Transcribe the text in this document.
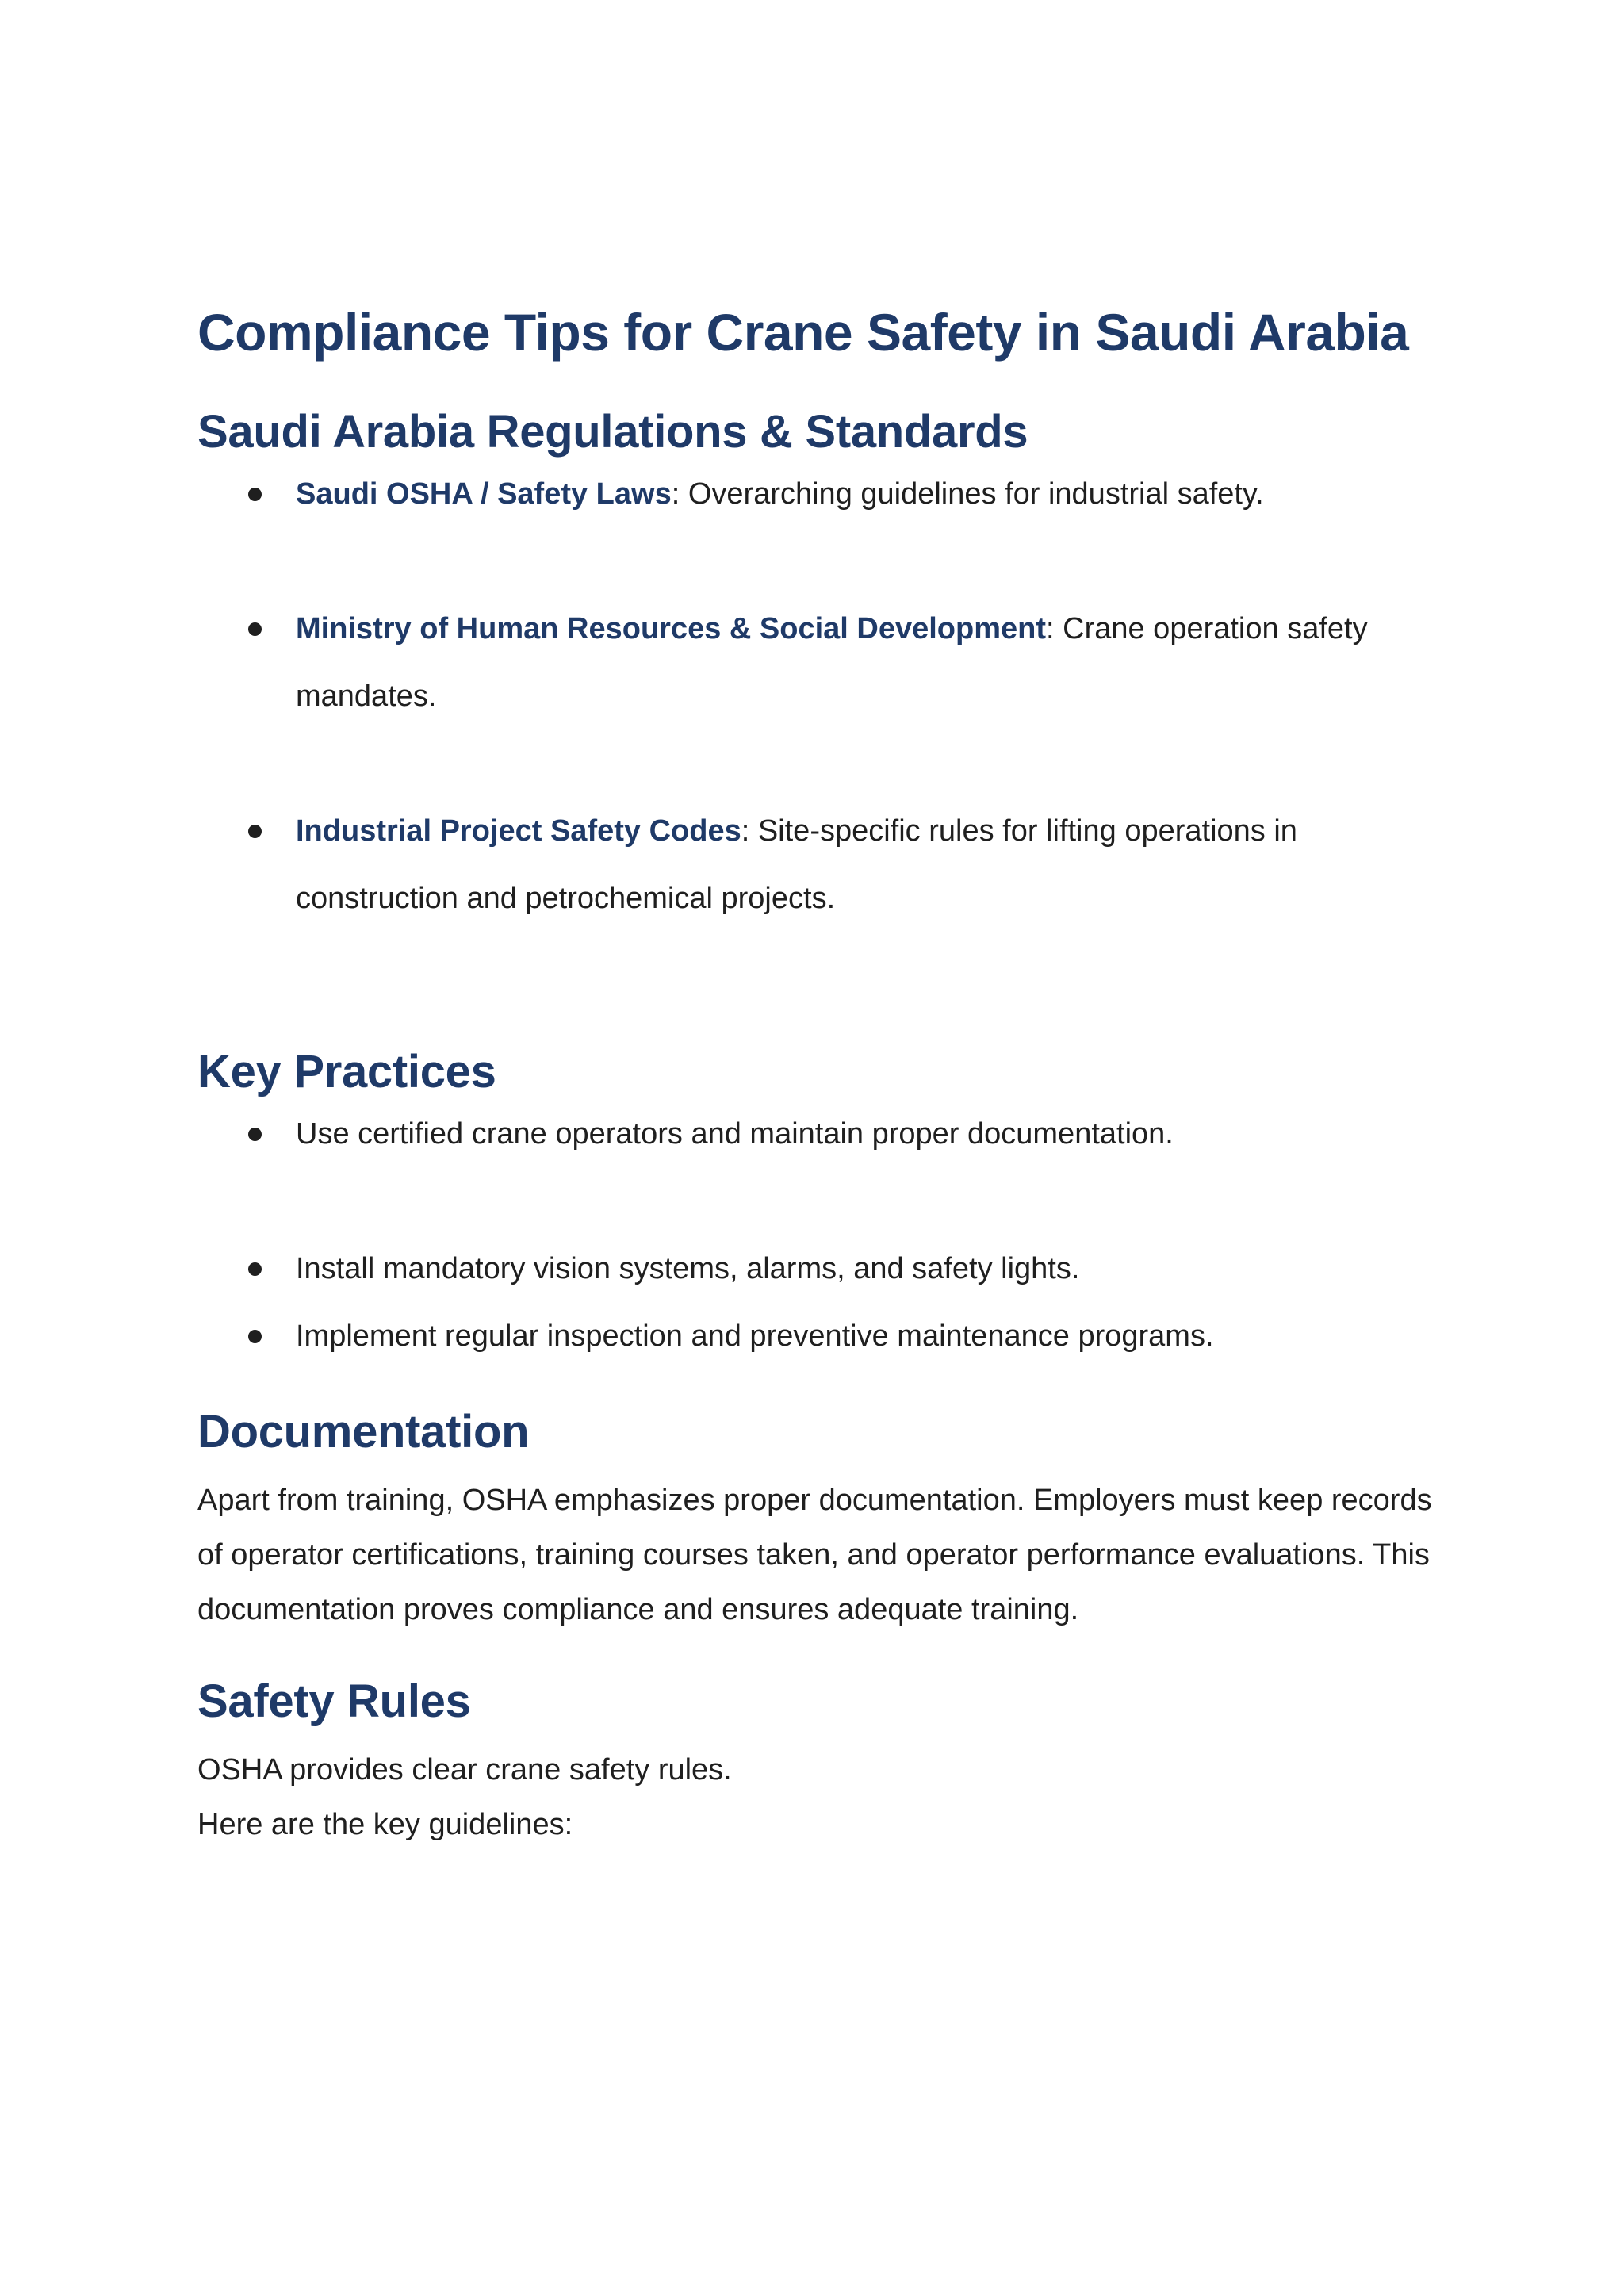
Compliance Tips for Crane Safety in Saudi Arabia
Saudi Arabia Regulations & Standards
Saudi OSHA / Safety Laws: Overarching guidelines for industrial safety.
Ministry of Human Resources & Social Development: Crane operation safety mandates.
Industrial Project Safety Codes: Site-specific rules for lifting operations in construction and petrochemical projects.
Key Practices
Use certified crane operators and maintain proper documentation.
Install mandatory vision systems, alarms, and safety lights.
Implement regular inspection and preventive maintenance programs.
Documentation

Apart from training, OSHA emphasizes proper documentation. Employers must keep records of operator certifications, training courses taken, and operator performance evaluations. This documentation proves compliance and ensures adequate training.

Safety Rules
OSHA provides clear crane safety rules.
Here are the key guidelines:
